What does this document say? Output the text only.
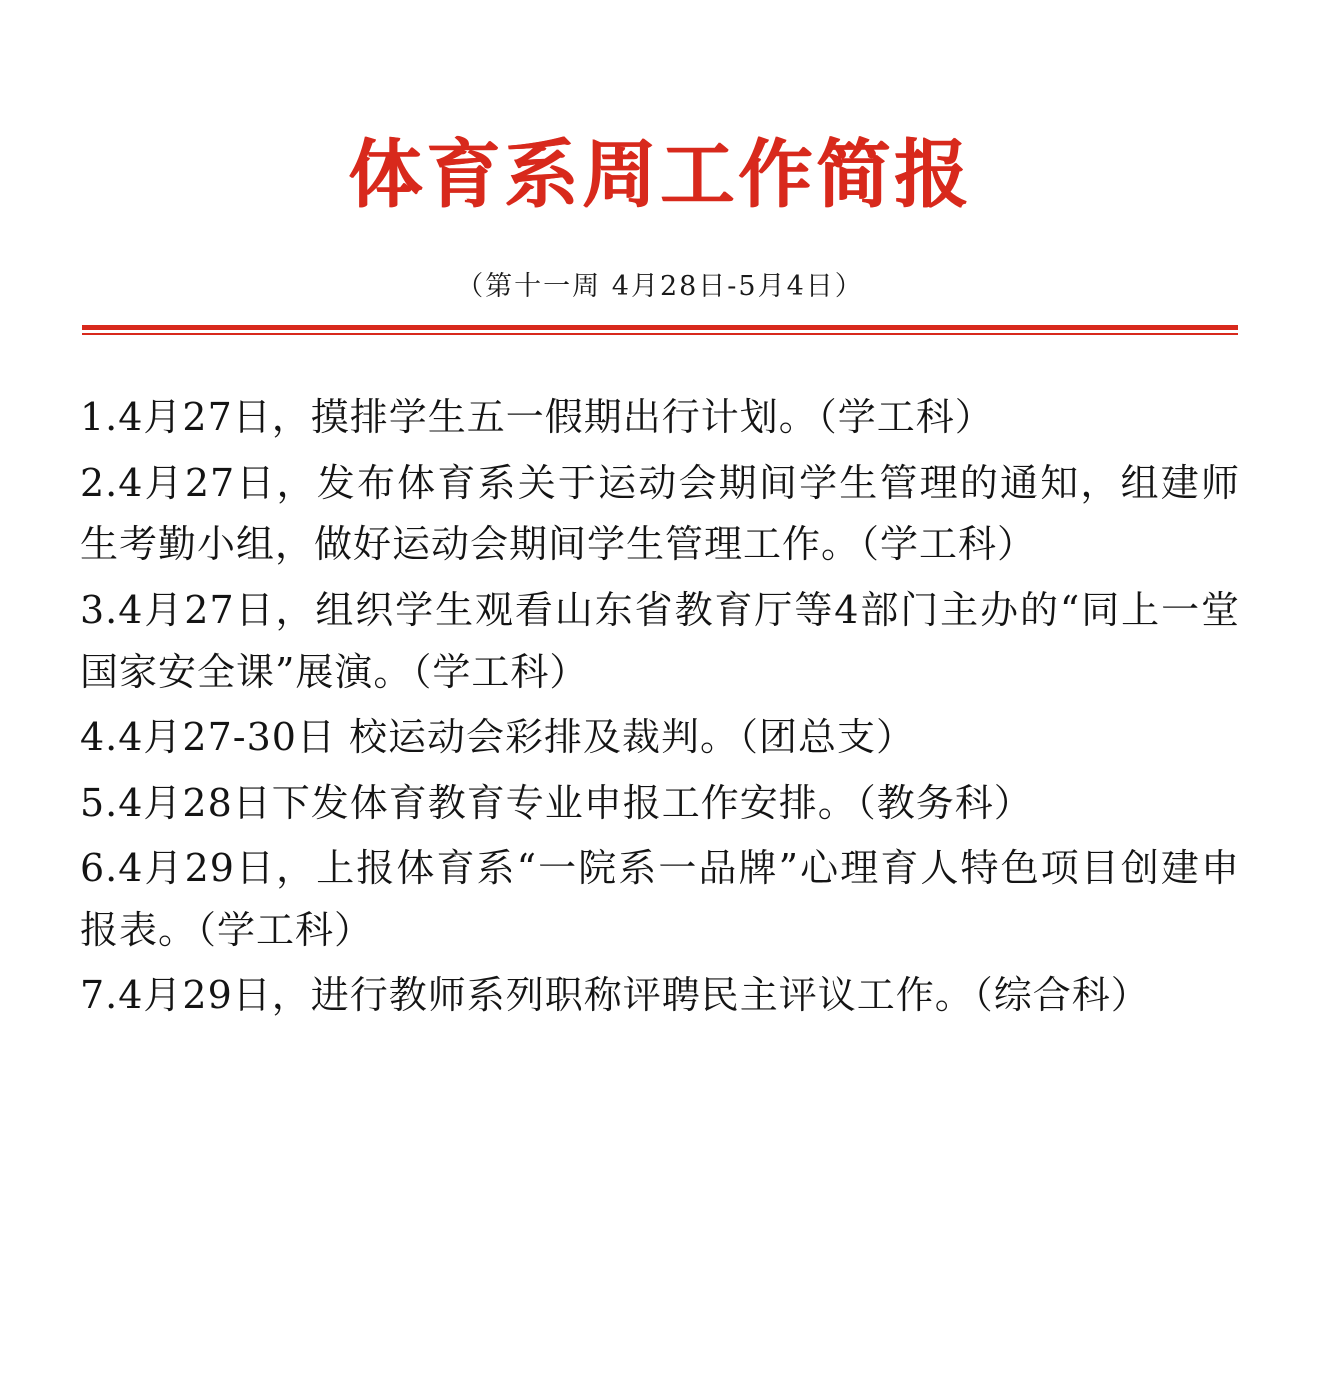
体育系周工作简报

（第十一周 4月28日-5月4日）

1.4月27日，摸排学生五一假期出行计划。（学工科）
2.4月27日，发布体育系关于运动会期间学生管理的通知，组建师生考勤小组，做好运动会期间学生管理工作。（学工科）
3.4月27日，组织学生观看山东省教育厅等4部门主办的“同上一堂国家安全课”展演。（学工科）
4.4月27-30日 校运动会彩排及裁判。（团总支）
5.4月28日下发体育教育专业申报工作安排。（教务科）
6.4月29日，上报体育系“一院系一品牌”心理育人特色项目创建申报表。（学工科）
7.4月29日，进行教师系列职称评聘民主评议工作。（综合科）
